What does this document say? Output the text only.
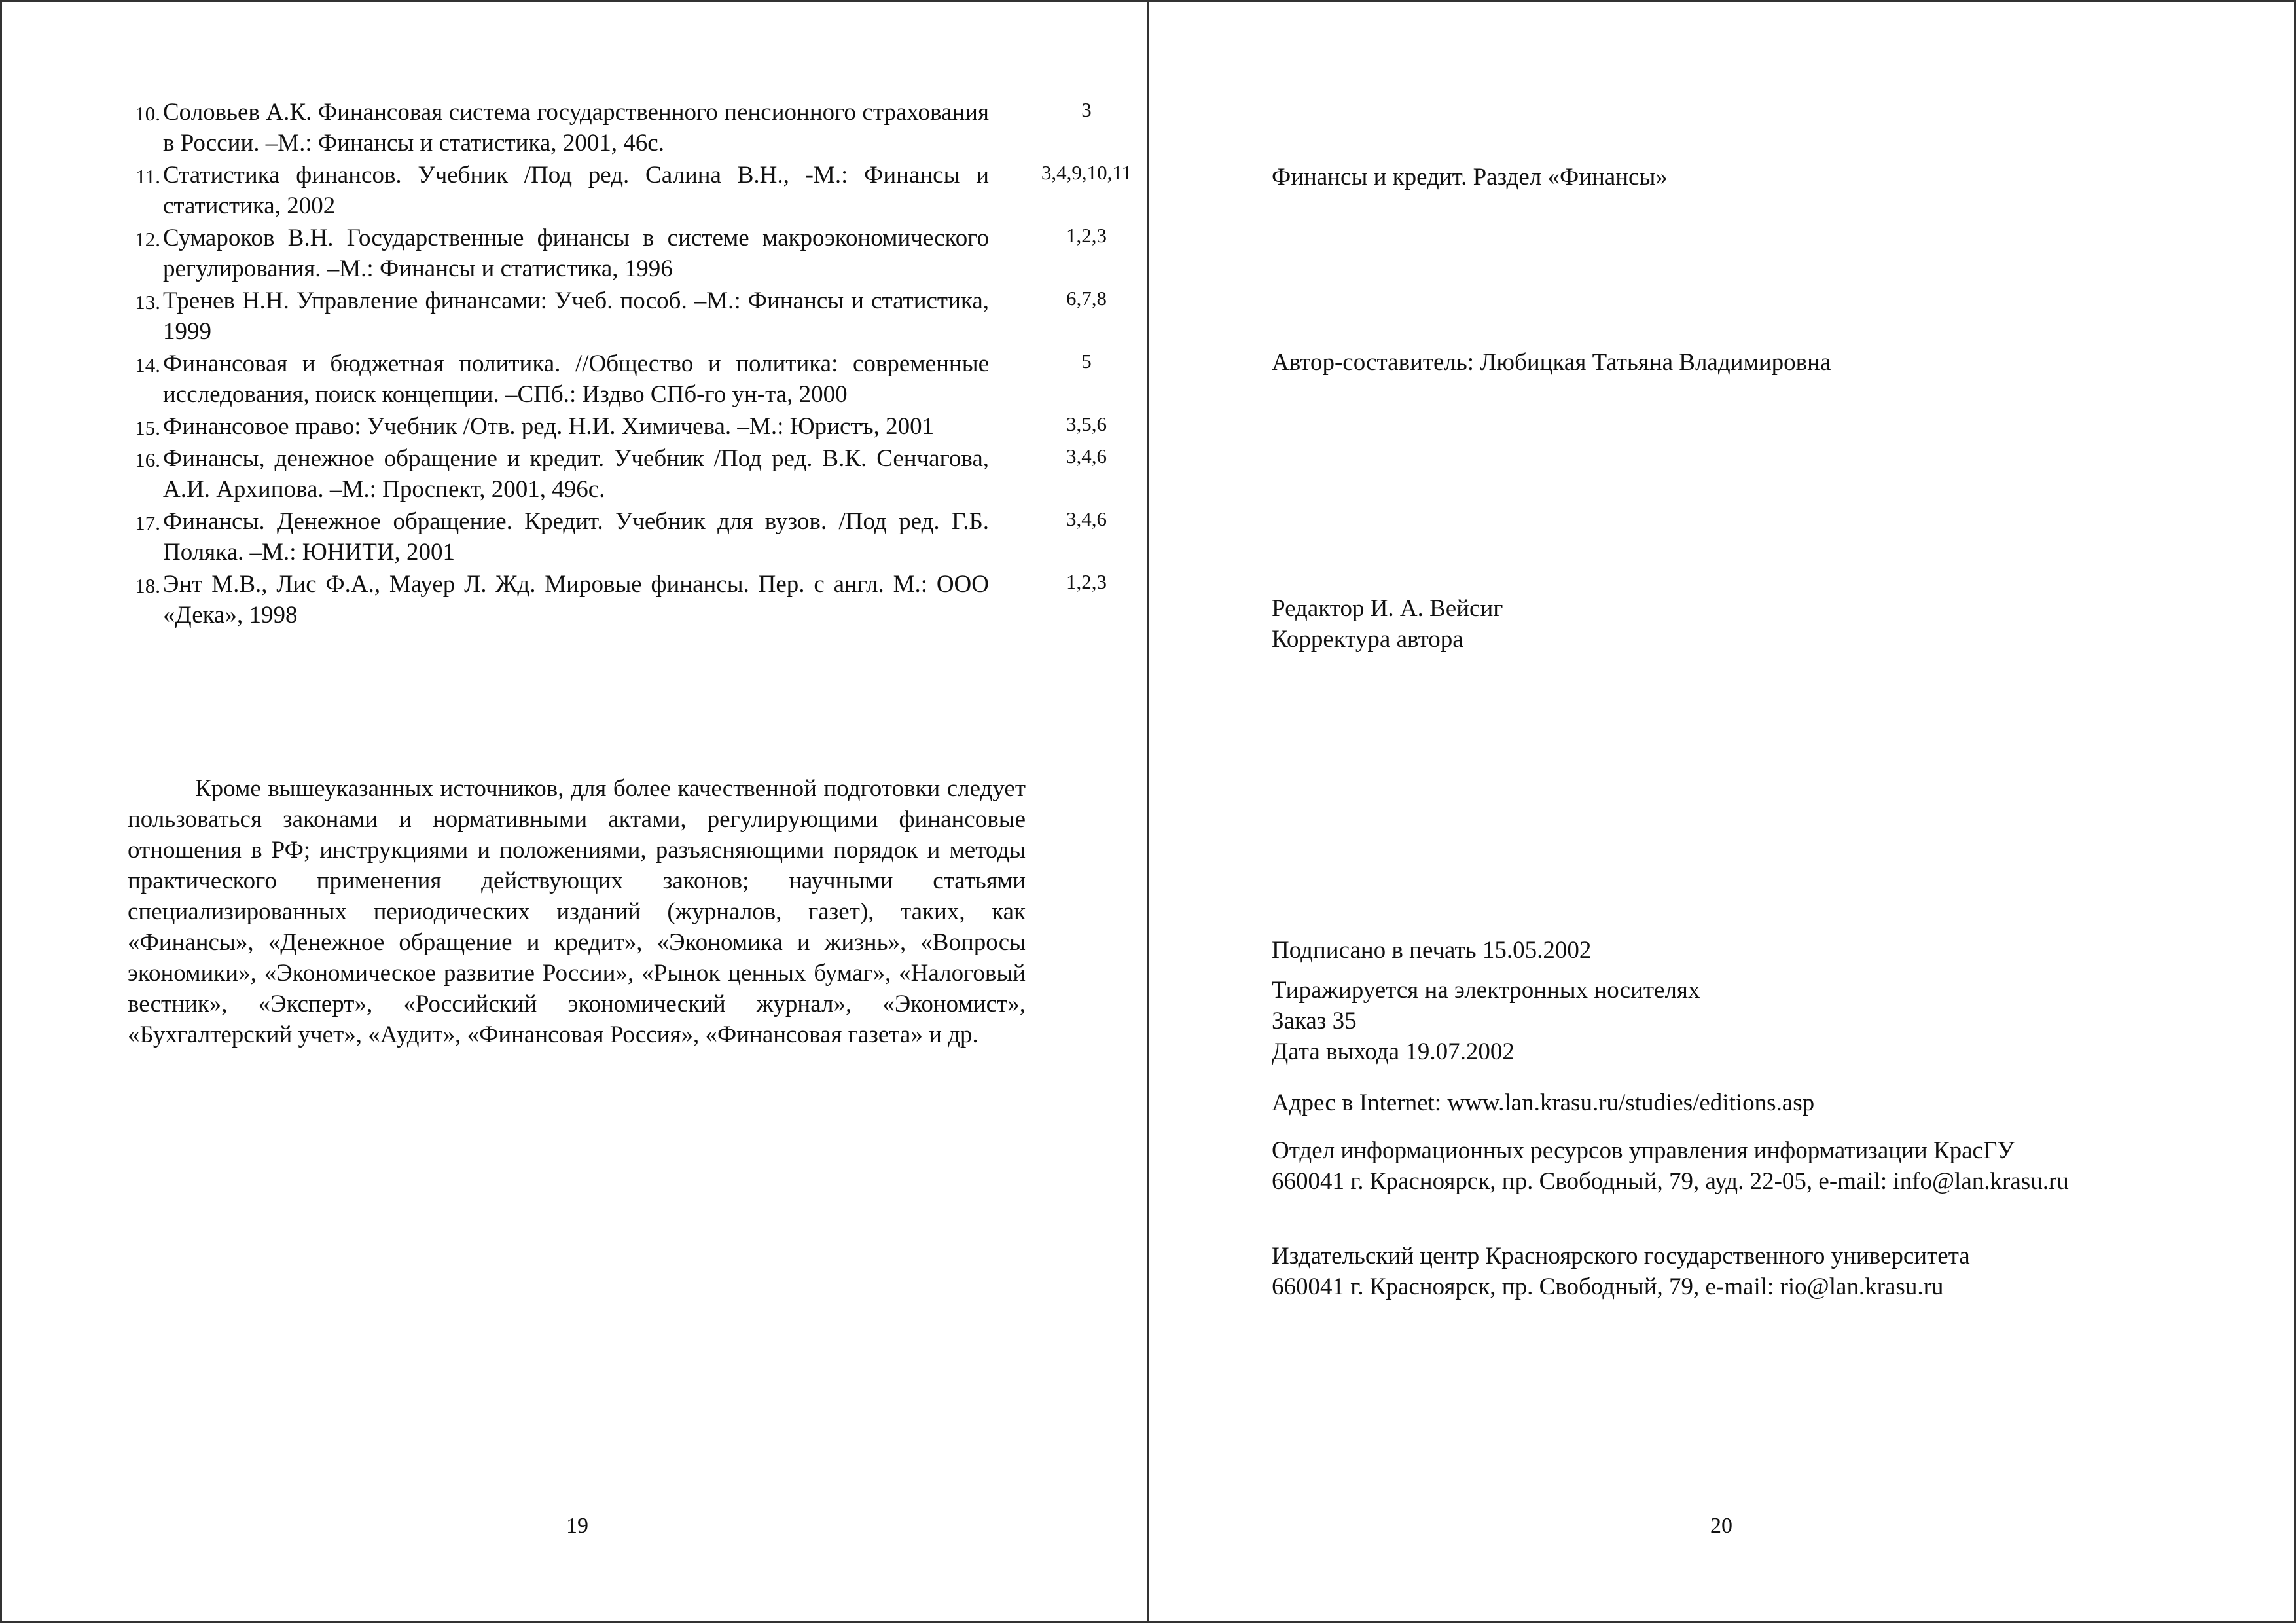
10. Соловьев А.К. Финансовая система государственного пенсионного страхования в России. –М.: Финансы и статистика, 2001, 46с.
3
11. Статистика финансов. Учебник /Под ред. Салина В.Н., -М.: Финансы и статистика, 2002
3,4,9,10,11
12. Сумароков В.Н. Государственные финансы в системе макроэкономического регулирования. –М.: Финансы и статистика, 1996
1,2,3
13. Тренев Н.Н. Управление финансами: Учеб. пособ. –М.: Финансы и статистика, 1999
6,7,8
14. Финансовая и бюджетная политика. //Общество и политика: современные исследования, поиск концепции. –СПб.: Издво СПб-го ун-та, 2000
5
15. Финансовое право: Учебник /Отв. ред. Н.И. Химичева. –М.: Юристъ, 2001	3,5,6
16. Финансы, денежное обращение и кредит. Учебник /Под ред. В.К. Сенчагова, А.И. Архипова. –М.: Проспект, 2001, 496с.
3,4,6
17. Финансы. Денежное обращение. Кредит. Учебник для вузов. /Под ред. Г.Б. Поляка. –М.: ЮНИТИ, 2001
3,4,6
18. Энт М.В., Лис Ф.А., Мауер Л. Жд. Мировые финансы. Пер. с англ. М.: ООО «Дека», 1998
1,2,3

Кроме вышеуказанных источников, для более качественной подготовки следует пользоваться законами и нормативными актами, регулирующими финансовые отношения в РФ; инструкциями и положениями, разъясняющими порядок и методы практического применения действующих законов; научными статьями специализированных периодических изданий (журналов, газет), таких, как «Финансы», «Денежное обращение и кредит», «Экономика и жизнь», «Вопросы экономики», «Экономическое развитие России», «Рынок ценных бумаг», «Налоговый вестник», «Эксперт», «Российский экономический журнал», «Экономист», «Бухгалтерский учет», «Аудит», «Финансовая Россия», «Финансовая газета» и др.

19

Финансы и кредит. Раздел «Финансы»

Автор-составитель: Любицкая Татьяна Владимировна

Редактор И. А. Вейсиг
Корректура автора

Подписано в печать 15.05.2002

Тиражируется на электронных носителях
Заказ 35
Дата выхода 19.07.2002

Адрес в Internet: www.lan.krasu.ru/studies/editions.asp

Отдел информационных ресурсов управления информатизации КрасГУ
660041 г. Красноярск, пр. Свободный, 79, ауд. 22-05, e-mail: info@lan.krasu.ru
Издательский центр Красноярского государственного университета
660041 г. Красноярск, пр. Свободный, 79, e-mail: rio@lan.krasu.ru
20
